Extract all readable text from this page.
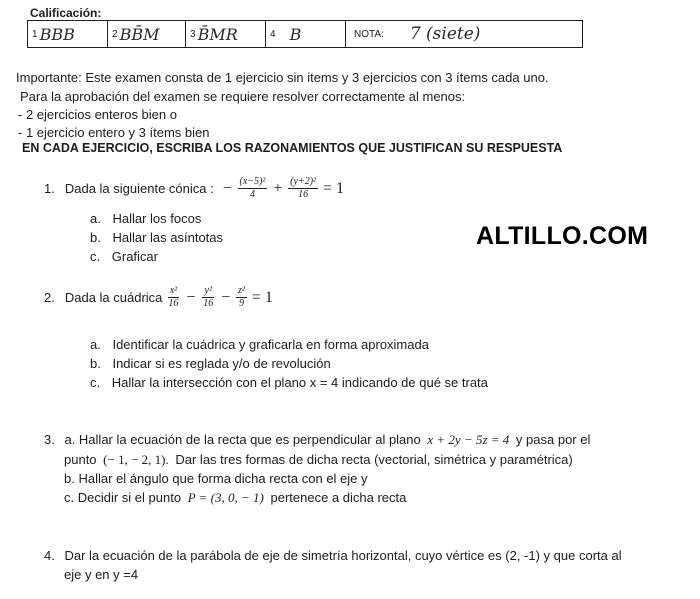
Calificación:
1 BBB	2 BB̄M	3 B̄MR	4 B	NOTA: 7 (siete)
Importante: Este examen consta de 1 ejercicio sin items y 3 ejercicios con 3 ítems cada uno.
Para la aprobación del examen se requiere resolver correctamente al menos:
- 2 ejercicios enteros bien o
- 1 ejercicio entero y 3 ítems bien
EN CADA EJERCICIO, ESCRIBA LOS RAZONAMIENTOS QUE JUSTIFICAN SU RESPUESTA
1. Dada la siguiente cónica : − $\frac{\text{(x−5)²}}{4} + \frac{\text{(y+2)²}}{16} = 1$
a. Hallar los focos
b. Hallar las asíntotas
c. Graficar
ALTILLO.COM
2. Dada la cuádrica $\frac{\text{x²}}{16} - \frac{\text{y²}}{16} - \frac{\text{z²}}{9} = 1$
a. Identificar la cuádrica y graficarla en forma aproximada
b. Indicar si es reglada y/o de revolución
c. Hallar la intersección con el plano x = 4 indicando de qué se trata
3. a. Hallar la ecuación de la recta que es perpendicular al plano x + 2y − 5z = 4 y pasa por el
punto (− 1, − 2, 1). Dar las tres formas de dicha recta (vectorial, simétrica y paramétrica)
b. Hallar el ángulo que forma dicha recta con el eje y
c. Decidir si el punto P = (3, 0, − 1) pertenece a dicha recta
4. Dar la ecuación de la parábola de eje de simetría horizontal, cuyo vértice es (2, -1) y que corta al
eje y en y =4
